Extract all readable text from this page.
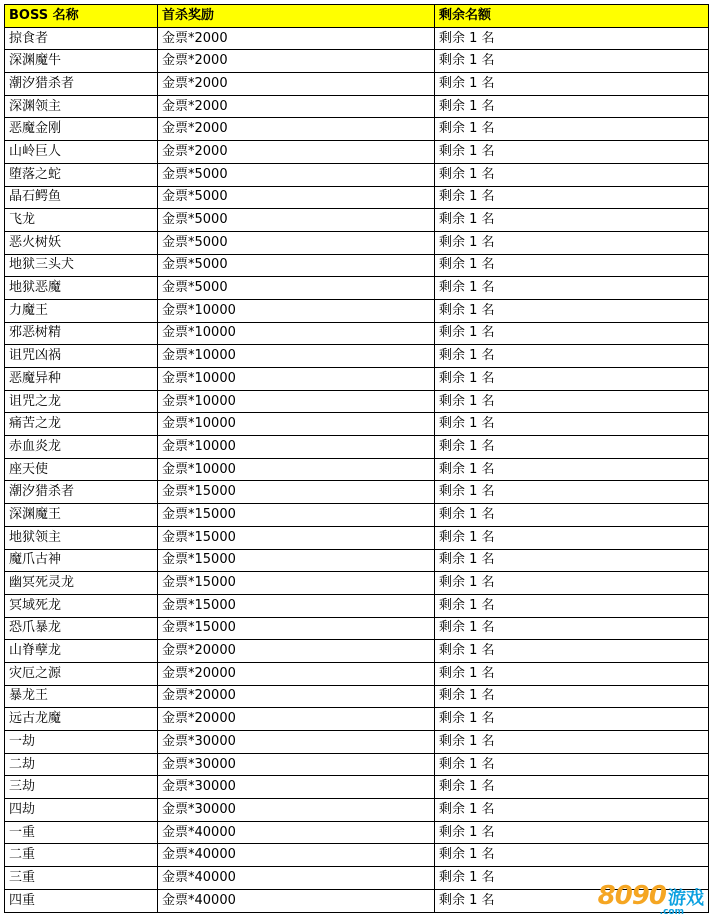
BOSS 名称	首杀奖励	剩余名额
掠食者	金票*2000	剩余 1 名
深渊魔牛	金票*2000	剩余 1 名
潮汐猎杀者	金票*2000	剩余 1 名
深渊领主	金票*2000	剩余 1 名
恶魔金刚	金票*2000	剩余 1 名
山岭巨人	金票*2000	剩余 1 名
堕落之蛇	金票*5000	剩余 1 名
晶石鳄鱼	金票*5000	剩余 1 名
飞龙	金票*5000	剩余 1 名
恶火树妖	金票*5000	剩余 1 名
地狱三头犬	金票*5000	剩余 1 名
地狱恶魔	金票*5000	剩余 1 名
力魔王	金票*10000	剩余 1 名
邪恶树精	金票*10000	剩余 1 名
诅咒凶祸	金票*10000	剩余 1 名
恶魔异种	金票*10000	剩余 1 名
诅咒之龙	金票*10000	剩余 1 名
痛苦之龙	金票*10000	剩余 1 名
赤血炎龙	金票*10000	剩余 1 名
座天使	金票*10000	剩余 1 名
潮汐猎杀者	金票*15000	剩余 1 名
深渊魔王	金票*15000	剩余 1 名
地狱领主	金票*15000	剩余 1 名
魔爪古神	金票*15000	剩余 1 名
幽冥死灵龙	金票*15000	剩余 1 名
冥域死龙	金票*15000	剩余 1 名
恐爪暴龙	金票*15000	剩余 1 名
山脊孽龙	金票*20000	剩余 1 名
灾厄之源	金票*20000	剩余 1 名
暴龙王	金票*20000	剩余 1 名
远古龙魔	金票*20000	剩余 1 名
一劫	金票*30000	剩余 1 名
二劫	金票*30000	剩余 1 名
三劫	金票*30000	剩余 1 名
四劫	金票*30000	剩余 1 名
一重	金票*40000	剩余 1 名
二重	金票*40000	剩余 1 名
三重	金票*40000	剩余 1 名
四重	金票*40000	剩余 1 名	8090 游戏
.com
